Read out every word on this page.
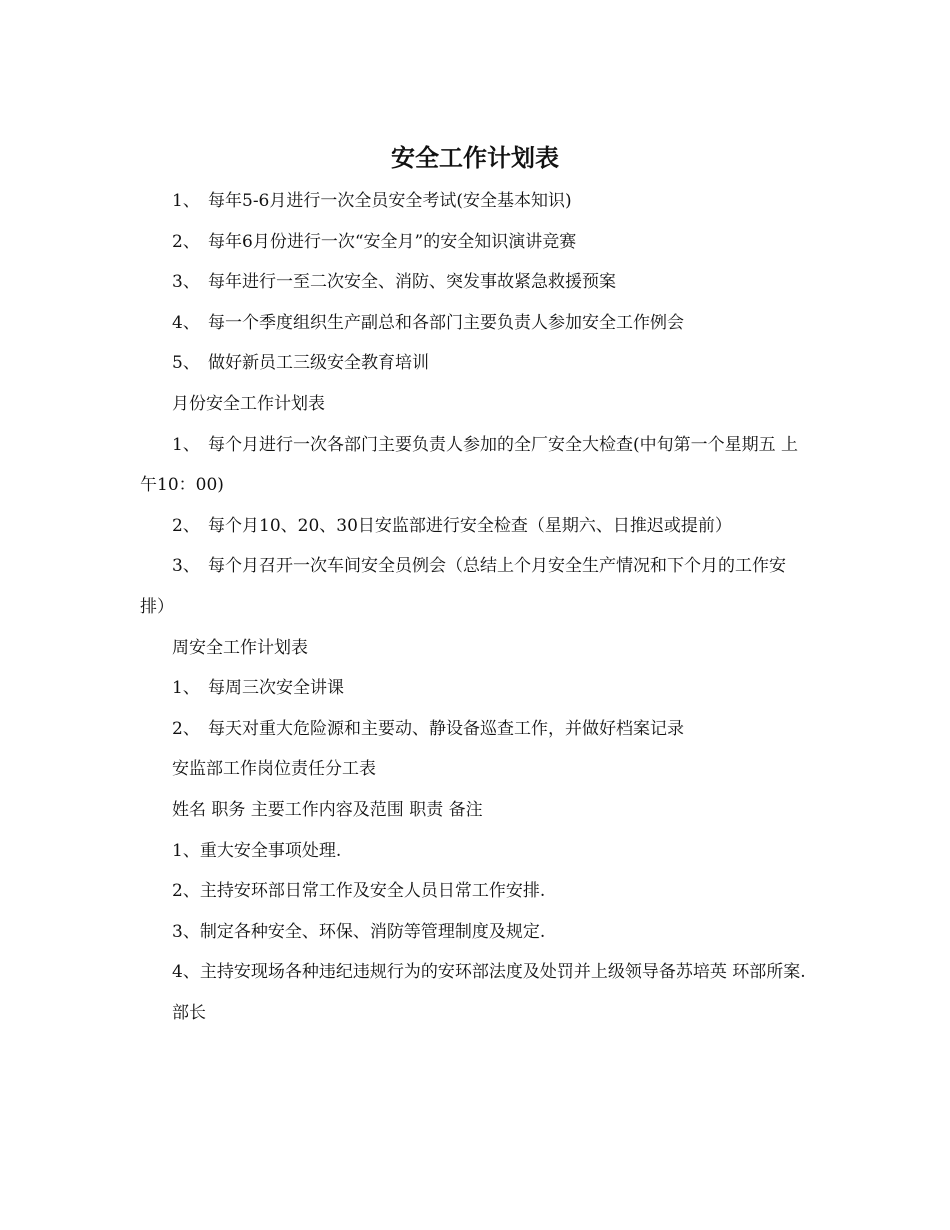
安全工作计划表

1、 每年5-6月进行一次全员安全考试(安全基本知识)

2、 每年6月份进行一次“安全月”的安全知识演讲竞赛

3、 每年进行一至二次安全、消防、突发事故紧急救援预案

4、 每一个季度组织生产副总和各部门主要负责人参加安全工作例会

5、 做好新员工三级安全教育培训

月份安全工作计划表

1、 每个月进行一次各部门主要负责人参加的全厂安全大检查(中旬第一个星期五 上午10：00)

2、 每个月10、20、30日安监部进行安全检查（星期六、日推迟或提前）

3、 每个月召开一次车间安全员例会（总结上个月安全生产情况和下个月的工作安排）

周安全工作计划表

1、 每周三次安全讲课

2、 每天对重大危险源和主要动、静设备巡查工作，并做好档案记录

安监部工作岗位责任分工表

姓名 职务 主要工作内容及范围 职责 备注

1、重大安全事项处理.

2、主持安环部日常工作及安全人员日常工作安排.

3、制定各种安全、环保、消防等管理制度及规定.

4、主持安现场各种违纪违规行为的安环部法度及处罚并上级领导备苏培英 环部所案.

部长
